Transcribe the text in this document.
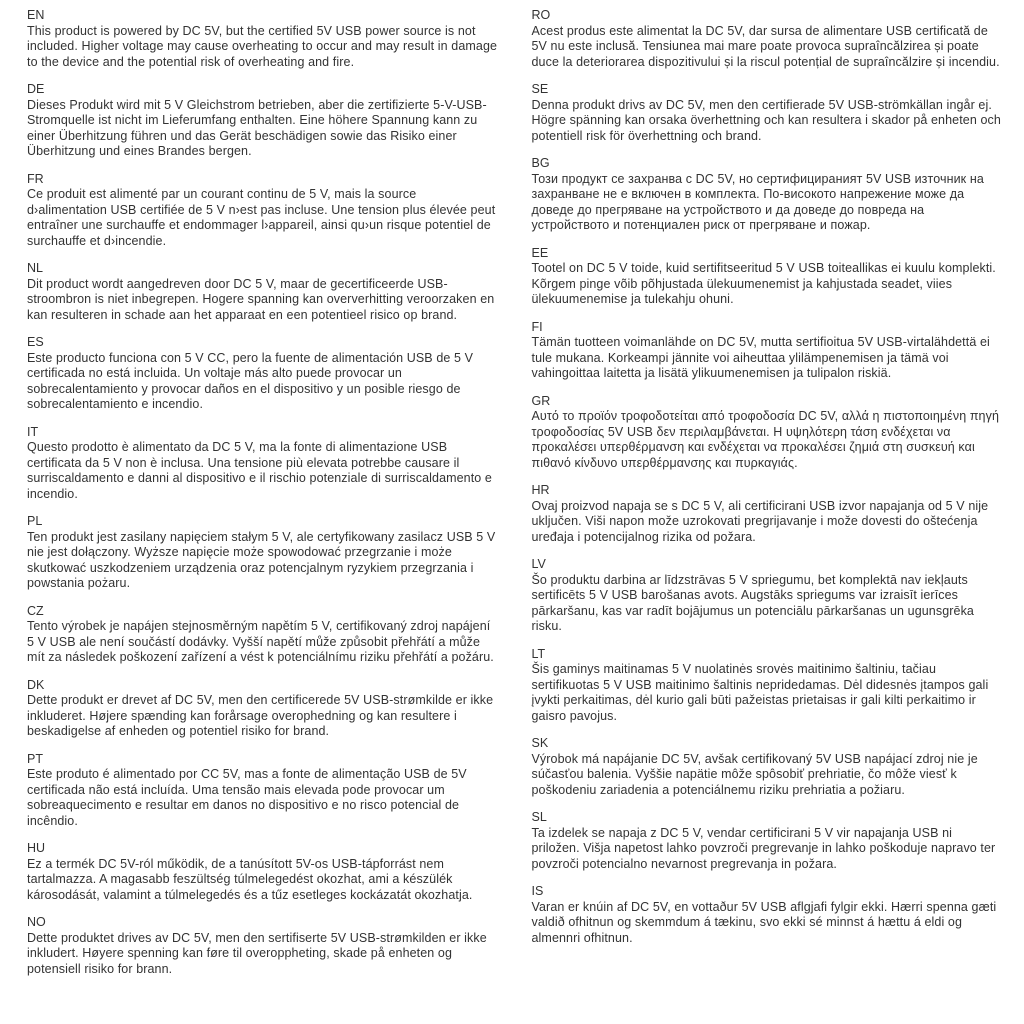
EN
This product is powered by DC 5V, but the certified 5V USB power source is not included. Higher voltage may cause overheating to occur and may result in damage to the device and the potential risk of overheating and fire.
DE
Dieses Produkt wird mit 5 V Gleichstrom betrieben, aber die zertifizierte 5-V-USB-Stromquelle ist nicht im Lieferumfang enthalten. Eine höhere Spannung kann zu einer Überhitzung führen und das Gerät beschädigen sowie das Risiko einer Überhitzung und eines Brandes bergen.
FR
Ce produit est alimenté par un courant continu de 5 V, mais la source d›alimentation USB certifiée de 5 V n›est pas incluse. Une tension plus élevée peut entraîner une surchauffe et endommager l›appareil, ainsi qu›un risque potentiel de surchauffe et d›incendie.
NL
Dit product wordt aangedreven door DC 5 V, maar de gecertificeerde USB-stroombron is niet inbegrepen. Hogere spanning kan oververhitting veroorzaken en kan resulteren in schade aan het apparaat en een potentieel risico op brand.
ES
Este producto funciona con 5 V CC, pero la fuente de alimentación USB de 5 V certificada no está incluida. Un voltaje más alto puede provocar un sobrecalentamiento y provocar daños en el dispositivo y un posible riesgo de sobrecalentamiento e incendio.
IT
Questo prodotto è alimentato da DC 5 V, ma la fonte di alimentazione USB certificata da 5 V non è inclusa. Una tensione più elevata potrebbe causare il surriscaldamento e danni al dispositivo e il rischio potenziale di surriscaldamento e incendio.
PL
Ten produkt jest zasilany napięciem stałym 5 V, ale certyfikowany zasilacz USB 5 V nie jest dołączony. Wyższe napięcie może spowodować przegrzanie i może skutkować uszkodzeniem urządzenia oraz potencjalnym ryzykiem przegrzania i powstania pożaru.
CZ
Tento výrobek je napájen stejnosměrným napětím 5 V, certifikovaný zdroj napájení 5 V USB ale není součástí dodávky. Vyšší napětí může způsobit přehřátí a může mít za následek poškození zařízení a vést k potenciálnímu riziku přehřátí a požáru.
DK
Dette produkt er drevet af DC 5V, men den certificerede 5V USB-strømkilde er ikke inkluderet. Højere spænding kan forårsage overophedning og kan resultere i beskadigelse af enheden og potentiel risiko for brand.
PT
Este produto é alimentado por CC 5V, mas a fonte de alimentação USB de 5V certificada não está incluída. Uma tensão mais elevada pode provocar um sobreaquecimento e resultar em danos no dispositivo e no risco potencial de incêndio.
HU
Ez a termék DC 5V-ról működik, de a tanúsított 5V-os USB-tápforrást nem tartalmazza. A magasabb feszültség túlmelegedést okozhat, ami a készülék károsodását, valamint a túlmelegedés és a tűz esetleges kockázatát okozhatja.
NO
Dette produktet drives av DC 5V, men den sertifiserte 5V USB-strømkilden er ikke inkludert. Høyere spenning kan føre til overoppheting, skade på enheten og potensiell risiko for brann.
RO
Acest produs este alimentat la DC 5V, dar sursa de alimentare USB certificată de 5V nu este inclusă. Tensiunea mai mare poate provoca supraîncălzirea și poate duce la deteriorarea dispozitivului și la riscul potențial de supraîncălzire și incendiu.
SE
Denna produkt drivs av DC 5V, men den certifierade 5V USB-strömkällan ingår ej. Högre spänning kan orsaka överhettning och kan resultera i skador på enheten och potentiell risk för överhettning och brand.
BG
Този продукт се захранва с DC 5V, но сертифицираният 5V USB източник на захранване не е включен в комплекта. По-високото напрежение може да доведе до прегряване на устройството и да доведе до повреда на устройството и потенциален риск от прегряване и пожар.
EE
Tootel on DC 5 V toide, kuid sertifitseeritud 5 V USB toiteallikas ei kuulu komplekti. Kõrgem pinge võib põhjustada ülekuumenemist ja kahjustada seadet, viies ülekuumenemise ja tulekahju ohuni.
FI
Tämän tuotteen voimanlähde on DC 5V, mutta sertifioitua 5V USB-virtalähdettä ei tule mukana. Korkeampi jännite voi aiheuttaa ylilämpenemisen ja tämä voi vahingoittaa laitetta ja lisätä ylikuumenemisen ja tulipalon riskiä.
GR
Αυτό το προϊόν τροφοδοτείται από τροφοδοσία DC 5V, αλλά η πιστοποιημένη πηγή τροφοδοσίας 5V USB δεν περιλαμβάνεται. Η υψηλότερη τάση ενδέχεται να προκαλέσει υπερθέρμανση και ενδέχεται να προκαλέσει ζημιά στη συσκευή και πιθανό κίνδυνο υπερθέρμανσης και πυρκαγιάς.
HR
Ovaj proizvod napaja se s DC 5 V, ali certificirani USB izvor napajanja od 5 V nije uključen. Viši napon može uzrokovati pregrijavanje i može dovesti do oštećenja uređaja i potencijalnog rizika od požara.
LV
Šo produktu darbina ar līdzstrāvas 5 V spriegumu, bet komplektā nav iekļauts sertificēts 5 V USB barošanas avots. Augstāks spriegums var izraisīt ierīces pārkaršanu, kas var radīt bojājumus un potenciālu pārkaršanas un ugunsgrēka risku.
LT
Šis gaminys maitinamas 5 V nuolatinės srovės maitinimo šaltiniu, tačiau sertifikuotas 5 V USB maitinimo šaltinis nepridedamas. Dėl didesnės įtampos gali įvykti perkaitimas, dėl kurio gali būti pažeistas prietaisas ir gali kilti perkaitimo ir gaisro pavojus.
SK
Výrobok má napájanie DC 5V, avšak certifikovaný 5V USB napájací zdroj nie je súčasťou balenia. Vyššie napätie môže spôsobiť prehriatie, čo môže viesť k poškodeniu zariadenia a potenciálnemu riziku prehriatia a požiaru.
SL
Ta izdelek se napaja z DC 5 V, vendar certificirani 5 V vir napajanja USB ni priložen. Višja napetost lahko povzroči pregrevanje in lahko poškoduje napravo ter povzroči potencialno nevarnost pregrevanja in požara.
IS
Varan er knúin af DC 5V, en vottaður 5V USB aflgjafi fylgir ekki. Hærri spenna gæti valdið ofhitnun og skemmdum á tækinu, svo ekki sé minnst á hættu á eldi og almennri ofhitnun.
